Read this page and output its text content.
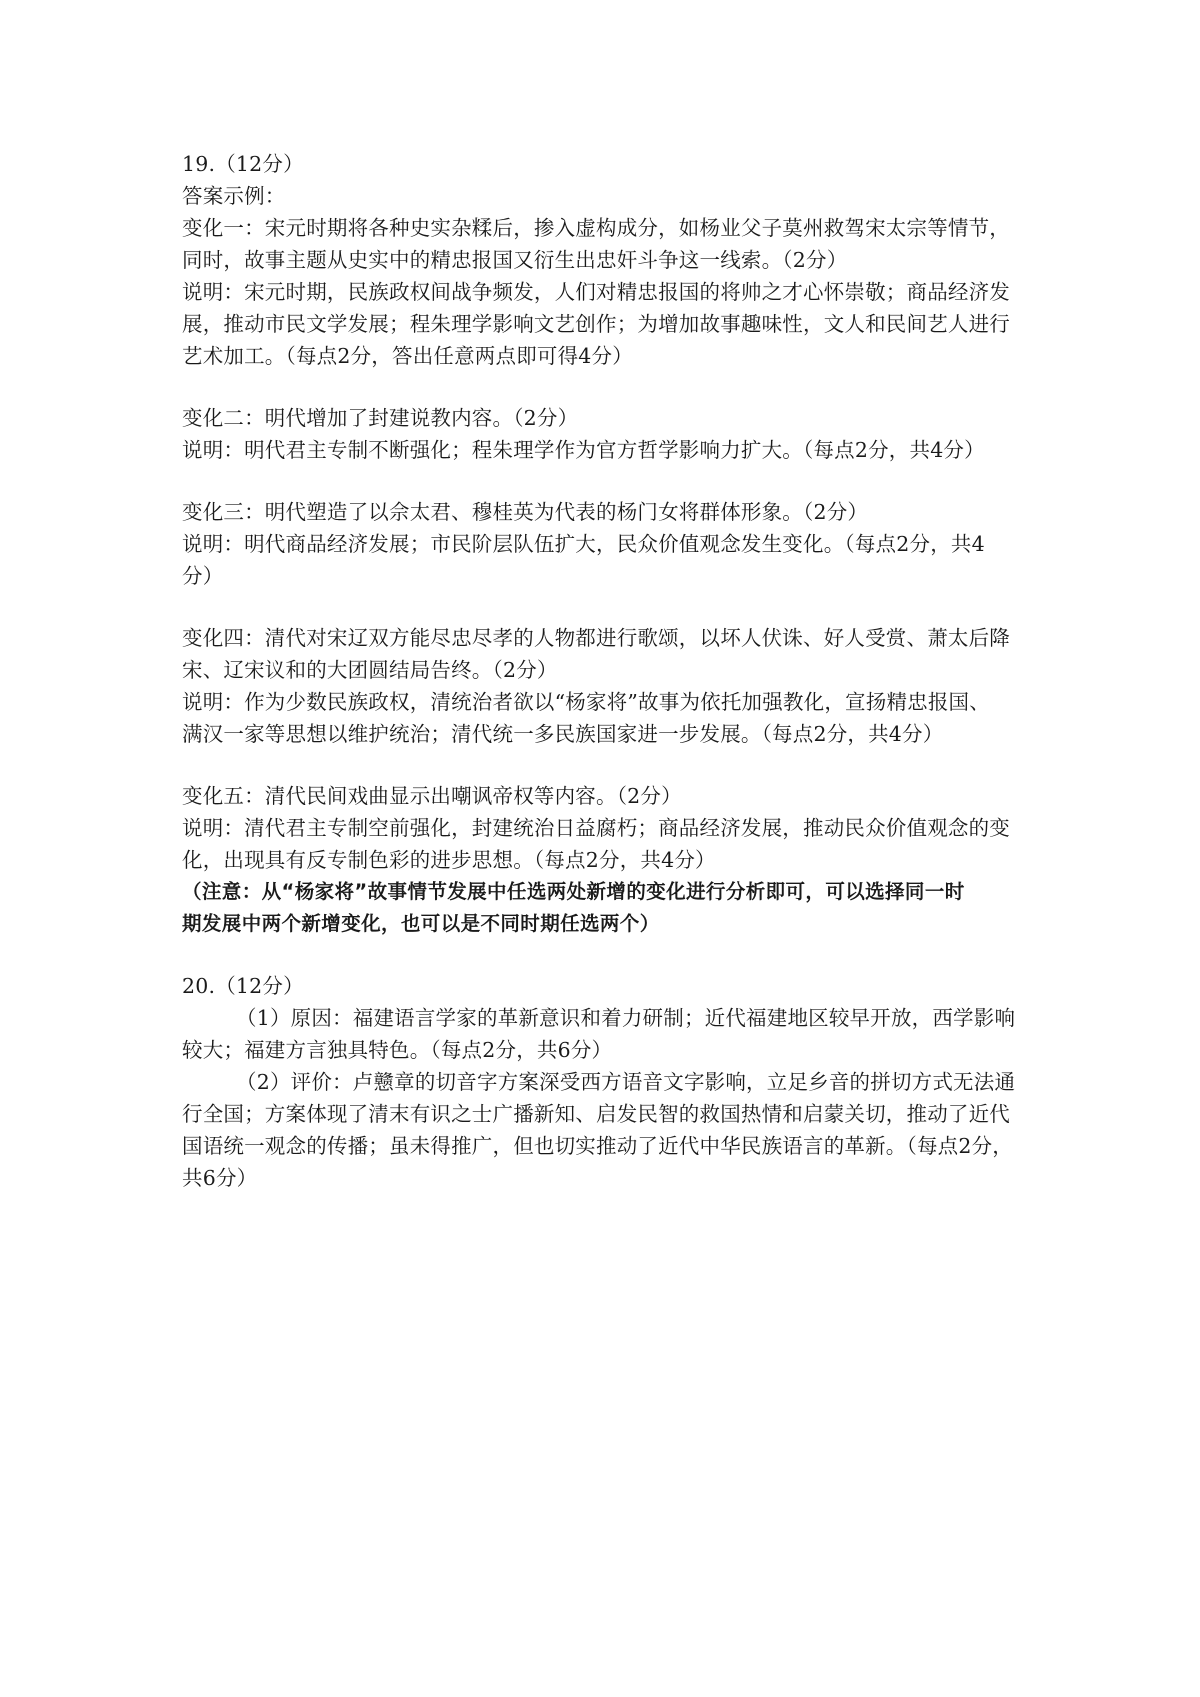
19.（12分）
答案示例：
变化一：宋元时期将各种史实杂糅后，掺入虚构成分，如杨业父子莫州救驾宋太宗等情节，
同时，故事主题从史实中的精忠报国又衍生出忠奸斗争这一线索。（2分）
说明：宋元时期，民族政权间战争频发，人们对精忠报国的将帅之才心怀崇敬；商品经济发
展，推动市民文学发展；程朱理学影响文艺创作；为增加故事趣味性，文人和民间艺人进行
艺术加工。（每点2分，答出任意两点即可得4分）
变化二：明代增加了封建说教内容。（2分）
说明：明代君主专制不断强化；程朱理学作为官方哲学影响力扩大。（每点2分，共4分）
变化三：明代塑造了以佘太君、穆桂英为代表的杨门女将群体形象。（2分）
说明：明代商品经济发展；市民阶层队伍扩大，民众价值观念发生变化。（每点2分，共4
分）
变化四：清代对宋辽双方能尽忠尽孝的人物都进行歌颂，以坏人伏诛、好人受赏、萧太后降
宋、辽宋议和的大团圆结局告终。（2分）
说明：作为少数民族政权，清统治者欲以“杨家将”故事为依托加强教化，宣扬精忠报国、
满汉一家等思想以维护统治；清代统一多民族国家进一步发展。（每点2分，共4分）
变化五：清代民间戏曲显示出嘲讽帝权等内容。（2分）
说明：清代君主专制空前强化，封建统治日益腐朽；商品经济发展，推动民众价值观念的变
化，出现具有反专制色彩的进步思想。（每点2分，共4分）
（注意：从“杨家将”故事情节发展中任选两处新增的变化进行分析即可，可以选择同一时
期发展中两个新增变化，也可以是不同时期任选两个）
20.（12分）
（1）原因：福建语言学家的革新意识和着力研制；近代福建地区较早开放，西学影响
较大；福建方言独具特色。（每点2分，共6分）
（2）评价：卢戆章的切音字方案深受西方语音文字影响，立足乡音的拼切方式无法通
行全国；方案体现了清末有识之士广播新知、启发民智的救国热情和启蒙关切，推动了近代
国语统一观念的传播；虽未得推广，但也切实推动了近代中华民族语言的革新。（每点2分，
共6分）
